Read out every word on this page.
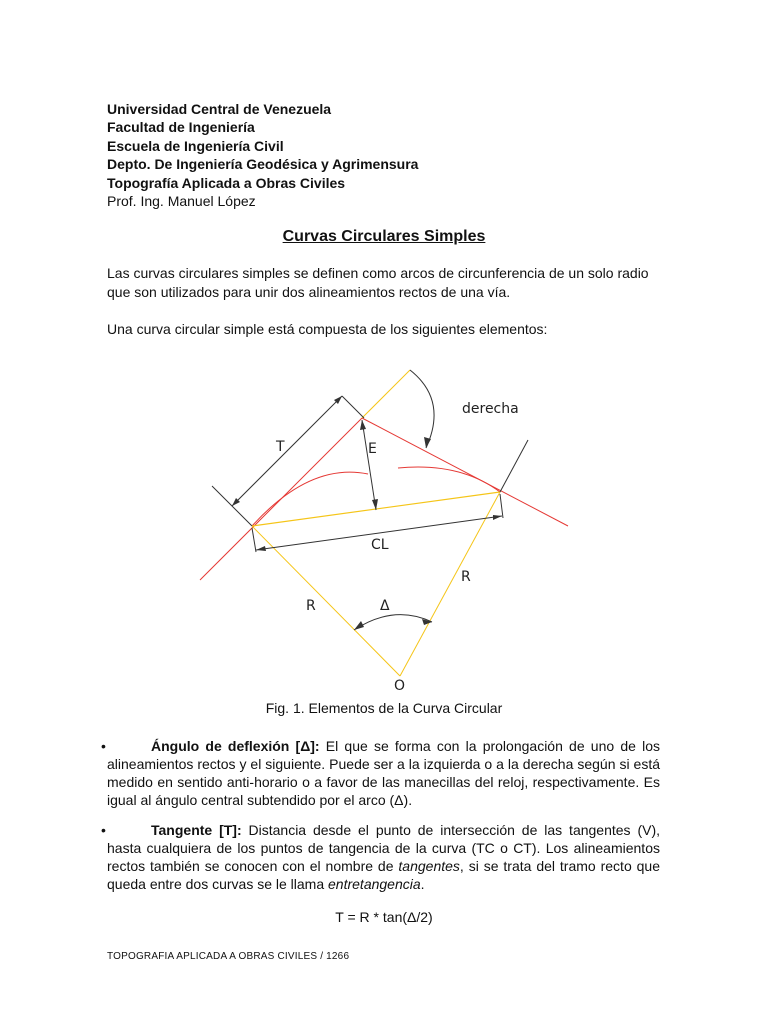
Universidad Central de Venezuela
Facultad de Ingeniería
Escuela de Ingeniería Civil
Depto. De Ingeniería Geodésica y Agrimensura
Topografía Aplicada a Obras Civiles
Prof. Ing. Manuel López
Curvas Circulares Simples
Las curvas circulares simples se definen como arcos de circunferencia de un solo radio que son utilizados para unir dos alineamientos rectos de una vía.
Una curva circular simple está compuesta de los siguientes elementos:
derecha
T	E
CL
R
R
Δ
O
Fig. 1. Elementos de la Curva Circular
•	Ángulo de deflexión [Δ]: El que se forma con la prolongación de uno de los alineamientos rectos y el siguiente. Puede ser a la izquierda o a la derecha según si está medido en sentido anti-horario o a favor de las manecillas del reloj, respectivamente. Es igual al ángulo central subtendido por el arco (Δ).
•	Tangente [T]: Distancia desde el punto de intersección de las tangentes (V), hasta cualquiera de los puntos de tangencia de la curva (TC o CT). Los alineamientos rectos también se conocen con el nombre de tangentes, si se trata del tramo recto que queda entre dos curvas se le llama entretangencia.
T = R * tan(Δ/2)
TOPOGRAFIA APLICADA A OBRAS CIVILES / 1266
